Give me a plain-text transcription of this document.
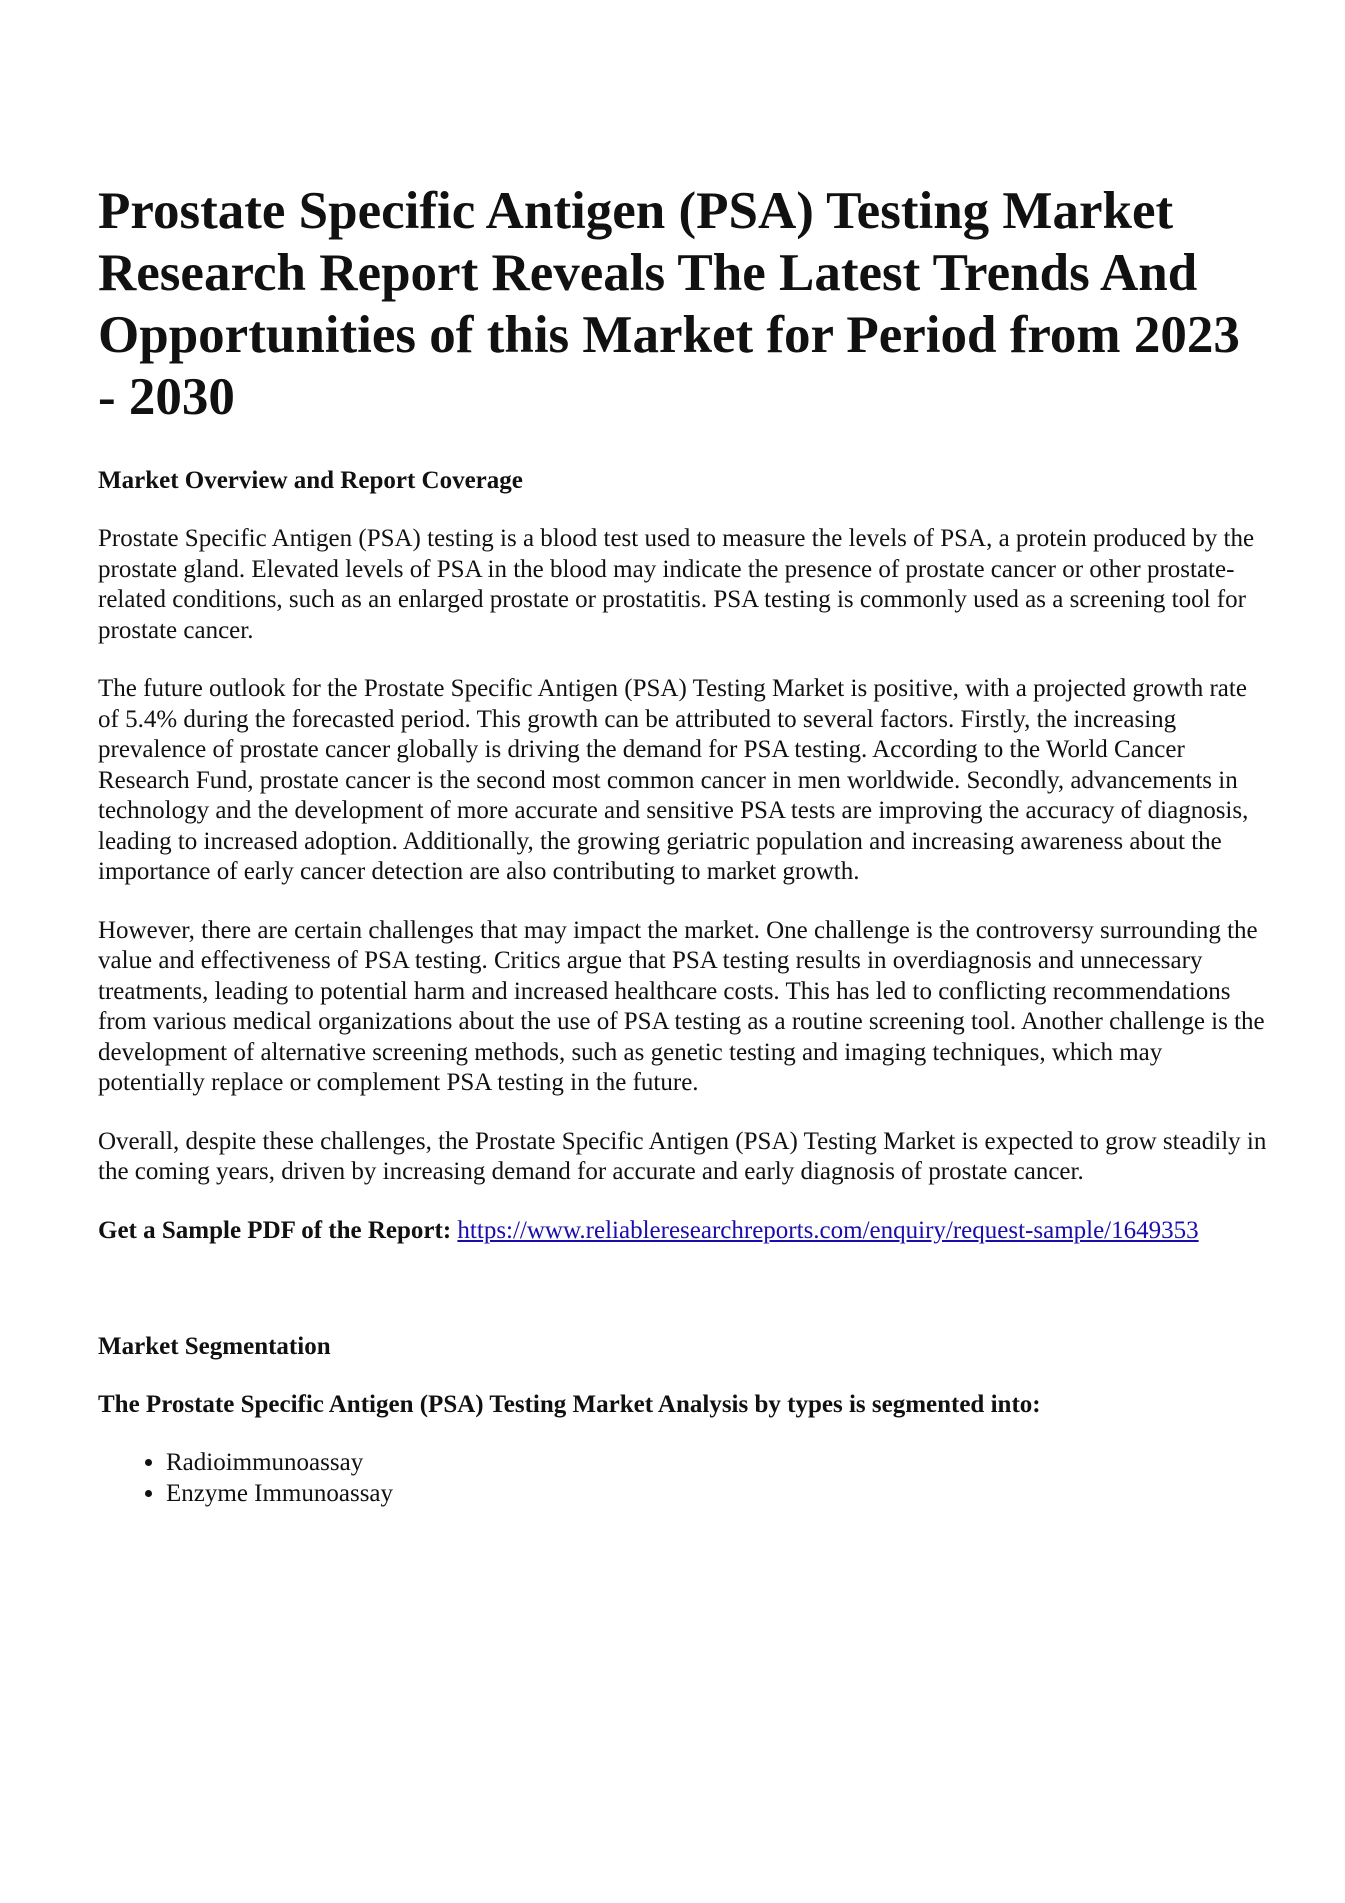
Prostate Specific Antigen (PSA) Testing Market Research Report Reveals The Latest Trends And Opportunities of this Market for Period from 2023 - 2030
Market Overview and Report Coverage

Prostate Specific Antigen (PSA) testing is a blood test used to measure the levels of PSA, a protein produced by the prostate gland. Elevated levels of PSA in the blood may indicate the presence of prostate cancer or other prostate-related conditions, such as an enlarged prostate or prostatitis. PSA testing is commonly used as a screening tool for prostate cancer.

The future outlook for the Prostate Specific Antigen (PSA) Testing Market is positive, with a projected growth rate of 5.4% during the forecasted period. This growth can be attributed to several factors. Firstly, the increasing prevalence of prostate cancer globally is driving the demand for PSA testing. According to the World Cancer Research Fund, prostate cancer is the second most common cancer in men worldwide. Secondly, advancements in technology and the development of more accurate and sensitive PSA tests are improving the accuracy of diagnosis, leading to increased adoption. Additionally, the growing geriatric population and increasing awareness about the importance of early cancer detection are also contributing to market growth.

However, there are certain challenges that may impact the market. One challenge is the controversy surrounding the value and effectiveness of PSA testing. Critics argue that PSA testing results in overdiagnosis and unnecessary treatments, leading to potential harm and increased healthcare costs. This has led to conflicting recommendations from various medical organizations about the use of PSA testing as a routine screening tool. Another challenge is the development of alternative screening methods, such as genetic testing and imaging techniques, which may potentially replace or complement PSA testing in the future.

Overall, despite these challenges, the Prostate Specific Antigen (PSA) Testing Market is expected to grow steadily in the coming years, driven by increasing demand for accurate and early diagnosis of prostate cancer.

Get a Sample PDF of the Report: https://www.reliableresearchreports.com/enquiry/request-sample/1649353

Market Segmentation
The Prostate Specific Antigen (PSA) Testing Market Analysis by types is segmented into:
• Radioimmunoassay
• Enzyme Immunoassay
